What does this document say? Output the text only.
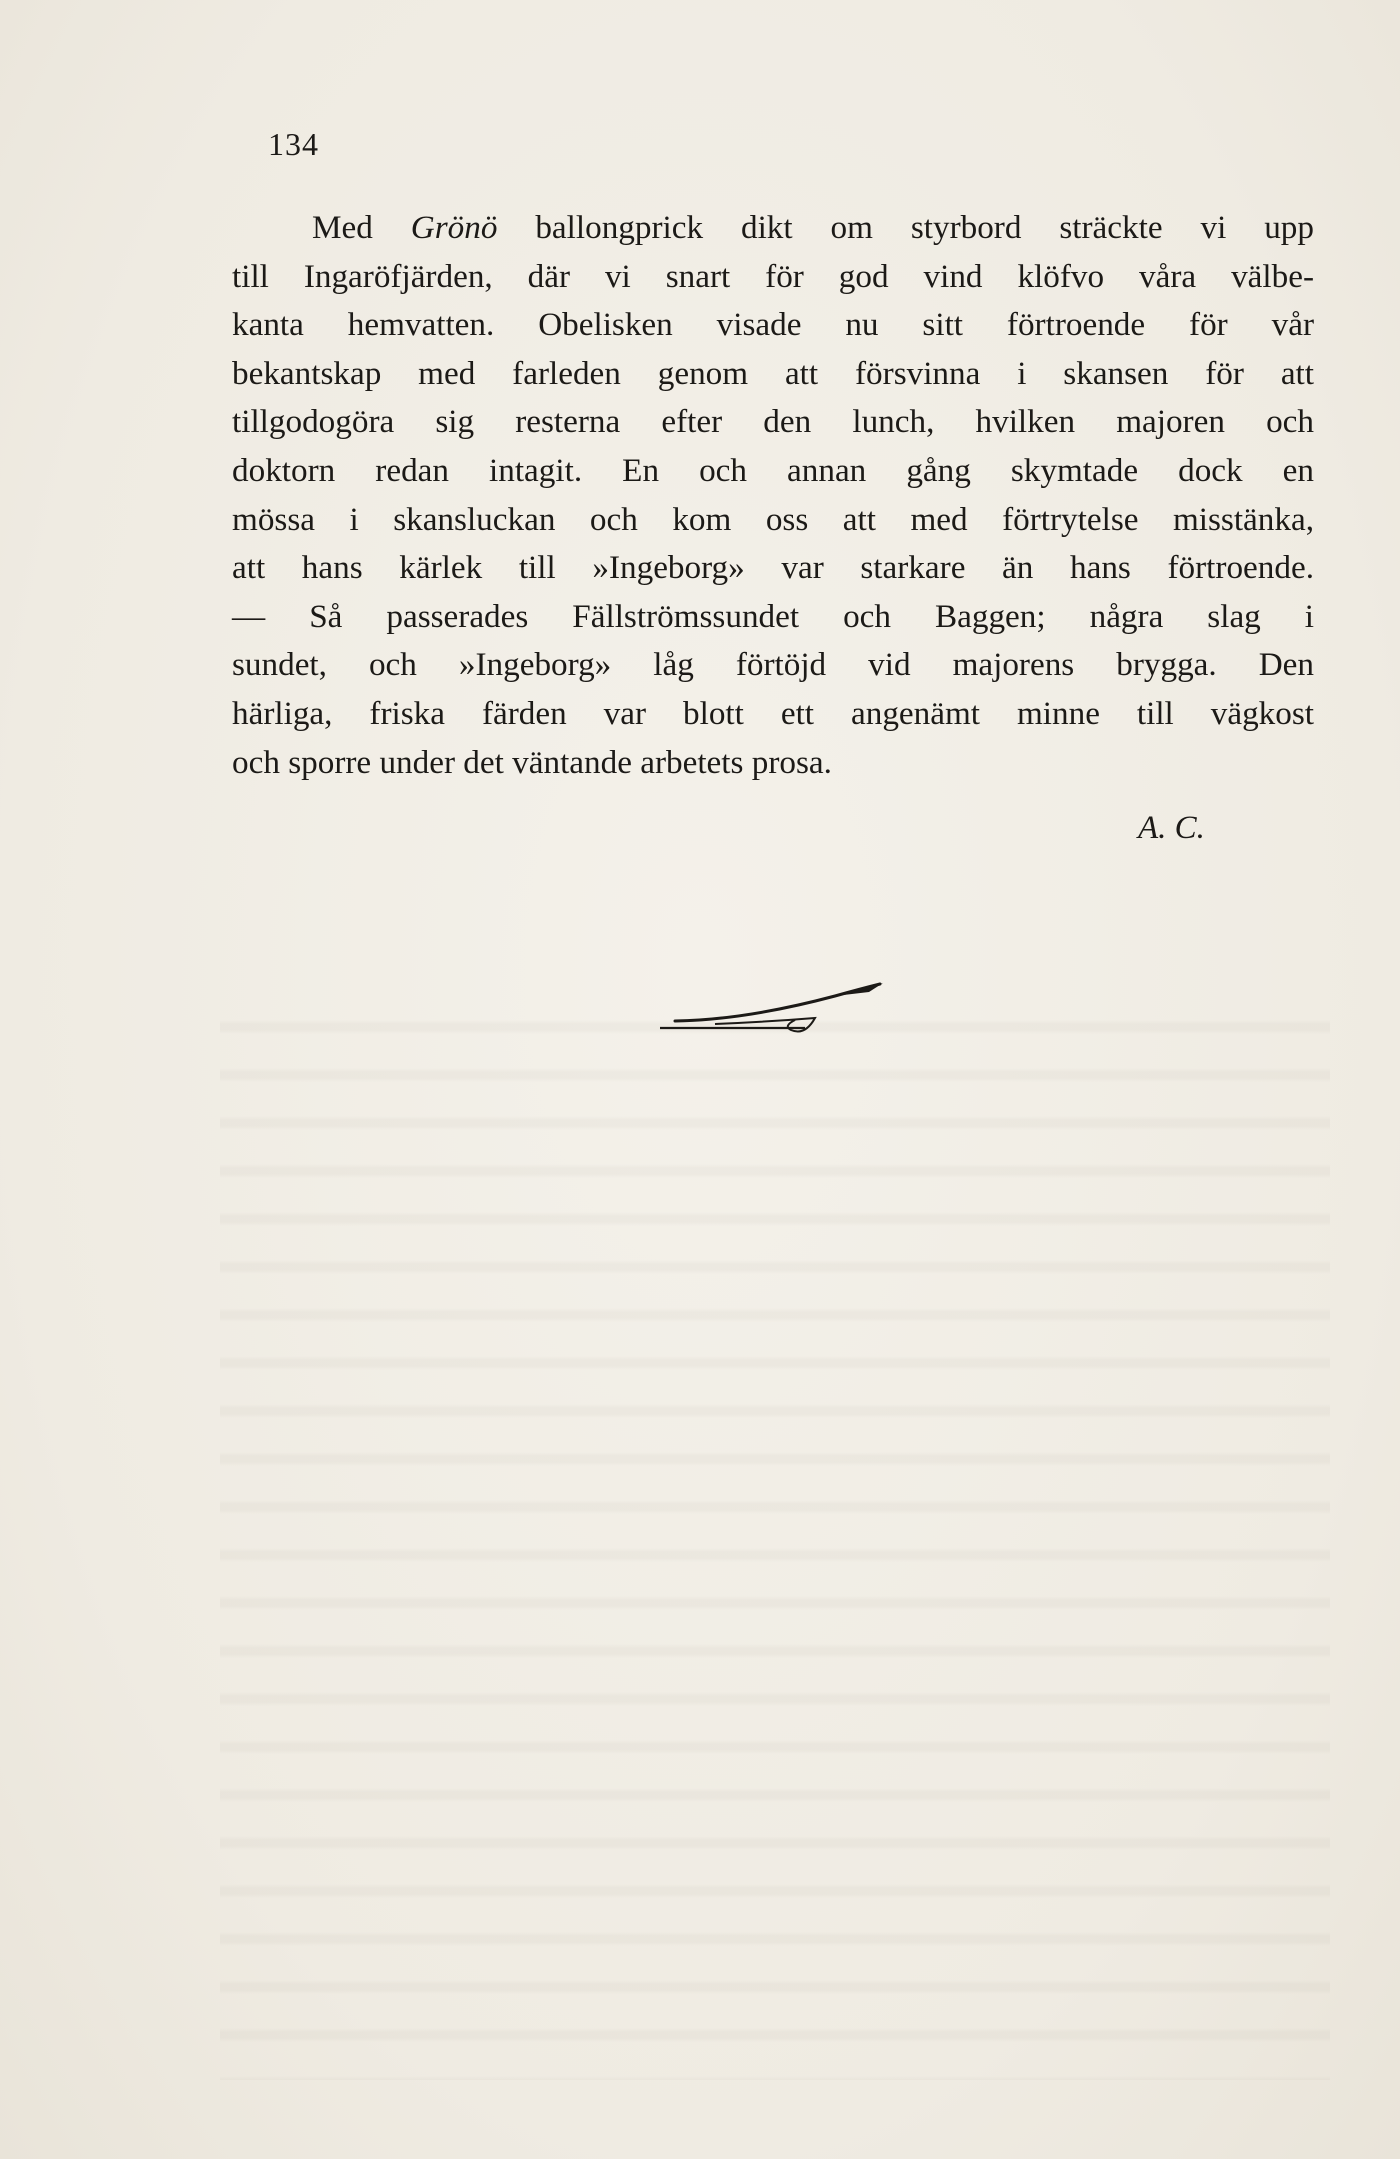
134
Med Grönö ballongprick dikt om styrbord sträckte vi upp
till Ingaröfjärden, där vi snart för god vind klöfvo våra välbe-
kanta hemvatten. Obelisken visade nu sitt förtroende för vår
bekantskap med farleden genom att försvinna i skansen för att
tillgodogöra sig resterna efter den lunch, hvilken majoren och
doktorn redan intagit. En och annan gång skymtade dock en
mössa i skansluckan och kom oss att med förtrytelse misstänka,
att hans kärlek till »Ingeborg» var starkare än hans förtroende.
— Så passerades Fällströmssundet och Baggen; några slag i
sundet, och »Ingeborg» låg förtöjd vid majorens brygga. Den
härliga, friska färden var blott ett angenämt minne till vägkost
och sporre under det väntande arbetets prosa.
A. C.
